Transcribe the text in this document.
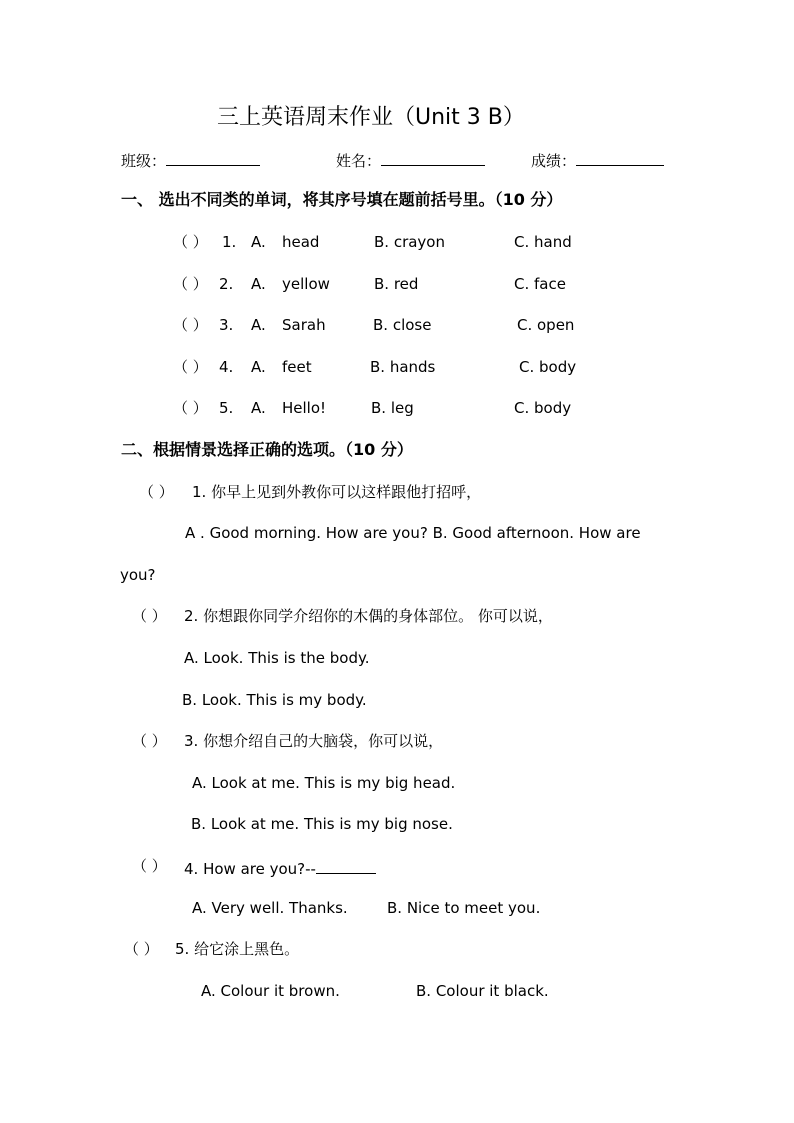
三上英语周末作业（Unit 3 B）
班级：	姓名：	成绩：
一、 选出不同类的单词，将其序号填在题前括号里。（10 分）
（ ） 1. A. head	B. crayon	C. hand
（ ） 2. A. yellow	B. red	C. face
（ ） 3. A. Sarah	B. close	C. open
（ ） 4. A. feet	B. hands	C. body
（ ） 5. A. Hello!	B. leg	C. body
二、根据情景选择正确的选项。（10 分）
（ ） 1. 你早上见到外教你可以这样跟他打招呼，
A . Good morning. How are you? B. Good afternoon. How are
you?
（ ） 2. 你想跟你同学介绍你的木偶的身体部位。 你可以说，
A. Look. This is the body.
B. Look. This is my body.
（ ） 3. 你想介绍自己的大脑袋，你可以说，
A. Look at me. This is my big head.
B. Look at me. This is my big nose.
（ ） 4. How are you?--
A. Very well. Thanks.	B. Nice to meet you.
（ ） 5. 给它涂上黑色。
A. Colour it brown.	B. Colour it black.
